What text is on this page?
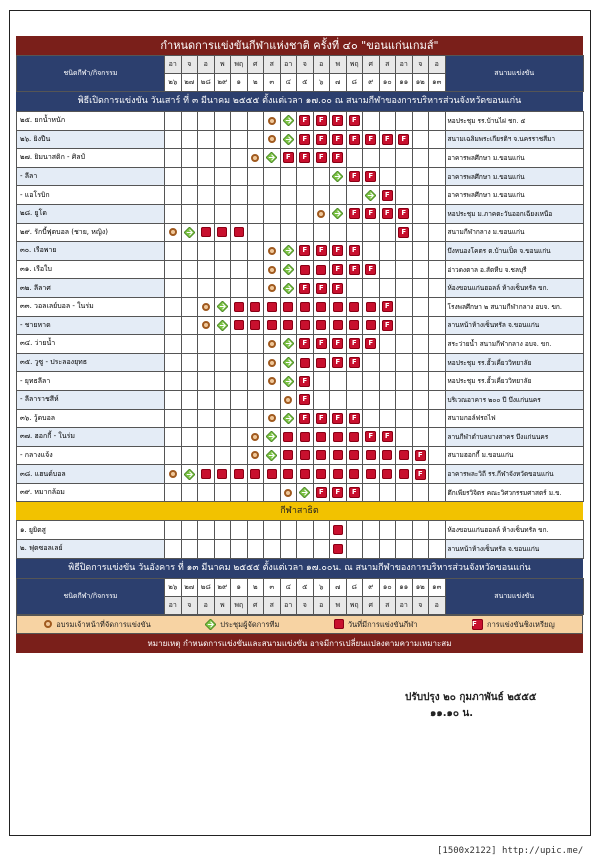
กำหนดการแข่งขันกีฬาแห่งชาติ ครั้งที่ ๔๐ "ขอนแก่นเกมส์"
ชนิดกีฬา/กิจกรรม	อา	จ	อ	พ	พฤ	ศ	ส	อา	จ	อ	พ	พฤ	ศ	ส	อา	จ	อ	สนามแข่งขัน
	๒๖	๒๗	๒๘	๒๙	๑	๒	๓	๔	๕	๖	๗	๘	๙	๑๐	๑๑	๑๒	๑๓	
พิธีเปิดการแข่งขัน วันเสาร์ ที่ ๓ มีนาคม ๒๕๕๕ ตั้งแต่เวลา ๑๗.๐๐ ณ สนามกีฬาของการบริหารส่วนจังหวัดขอนแก่น
๒๕. ยกน้ำหนัก									F	F	F	F						หอประชุม รร.บ้านไผ่ ชก. ๕
๒๖. ยิงปืน									F	F	F	F	F	F	F			สนามเฉลิมพระเกียรติฯ จ.นครราชสีมา
๒๗. ยิมนาสติก - ศิลป์								F	F	F	F							อาคารพลศึกษา ม.ขอนแก่น
- ลีลา												F	F					อาคารพลศึกษา ม.ขอนแก่น
- แอโรบิก														F				อาคารพลศึกษา ม.ขอนแก่น
๒๘. ยูโด												F	F	F	F			หอประชุม ม.ภาคตะวันออกเฉียงเหนือ
๒๙. รักบี้ฟุตบอล (ชาย, หญิง)															F			สนามกีฬากลาง ม.ขอนแก่น
๓๐. เรือพาย									F	F	F	F						บึงหนองโคตร ต.บ้านเป็ด จ.ขอนแก่น
๓๑. เรือใบ											F	F	F					อ่าวดงตาล อ.สัตหีบ จ.ชลบุรี
๓๒. ลีลาศ									F	F	F							ห้องขอนแก่นฮอลล์ ห้างเซ็นทรัล ขก.
๓๓. วอลเลย์บอล - ในร่ม														F				โรงพลศึกษา ๒ สนามกีฬากลาง อบจ. ขก.
- ชายหาด														F				ลานหน้าห้างเซ็นทรัล จ.ขอนแก่น
๓๔. ว่ายน้ำ									F	F	F	F	F					สระว่ายน้ำ สนามกีฬากลาง อบจ. ขก.
๓๕. วูซู - ประลองยุทธ											F	F						หอประชุม รร.ฮั้วเคี่ยววิทยาลัย
- ยุทธลีลา									F									หอประชุม รร.ฮั้วเคี่ยววิทยาลัย
- ลีลาราชสีห์									F									บริเวณอาคาร ๒๐๐ ปี บึงแก่นนคร
๓๖. วู้ดบอล									F	F	F	F						สนามกอล์ฟรถไฟ
๓๗. ฮอกกี้ - ในร่ม													F	F				ลานกีฬาตำบลบางสาคร บึงแก่นนคร
- กลางแจ้ง																F		สนามฮอกกี้ ม.ขอนแก่น
๓๘. แฮนด์บอล																F		อาคารพละวิถี รร.กีฬาจังหวัดขอนแก่น
๓๙. หมากล้อม										F	F	F						ตึกเพียรวิจิตร คณะวิศวกรรมศาสตร์ ม.ข.
กีฬาสาธิต
๑. ยูยิตสู																		ห้องขอนแก่นฮอลล์ ห้างเซ็นทรัล ขก.
๒. ฟุตซอลเลย์																		ลานหน้าห้างเซ็นทรัล จ.ขอนแก่น
พิธีปิดการแข่งขัน วันอังคาร ที่ ๑๓ มีนาคม ๒๕๕๕ ตั้งแต่เวลา ๑๗.๐๐น. ณ สนามกีฬาของการบริหารส่วนจังหวัดขอนแก่น
ชนิดกีฬา/กิจกรรม	๒๖	๒๗	๒๘	๒๙	๑	๒	๓	๔	๕	๖	๗	๘	๙	๑๐	๑๑	๑๒	๑๓	สนามแข่งขัน
	อา	จ	อ	พ	พฤ	ศ	ส	อา	จ	อ	พ	พฤ	ศ	ส	อา	จ	อ	
อบรมเจ้าหน้าที่จัดการแข่งขัน	ประชุมผู้จัดการทีม	วันที่มีการแข่งขันกีฬา	F	การแข่งขันชิงเหรียญ
หมายเหตุ กำหนดการแข่งขันและสนามแข่งขัน อาจมีการเปลี่ยนแปลงตามความเหมาะสม
ปรับปรุง ๒๐ กุมภาพันธ์ ๒๕๕๕
๑๑.๑๐ น.
[1500x2122] http://upic.me/
